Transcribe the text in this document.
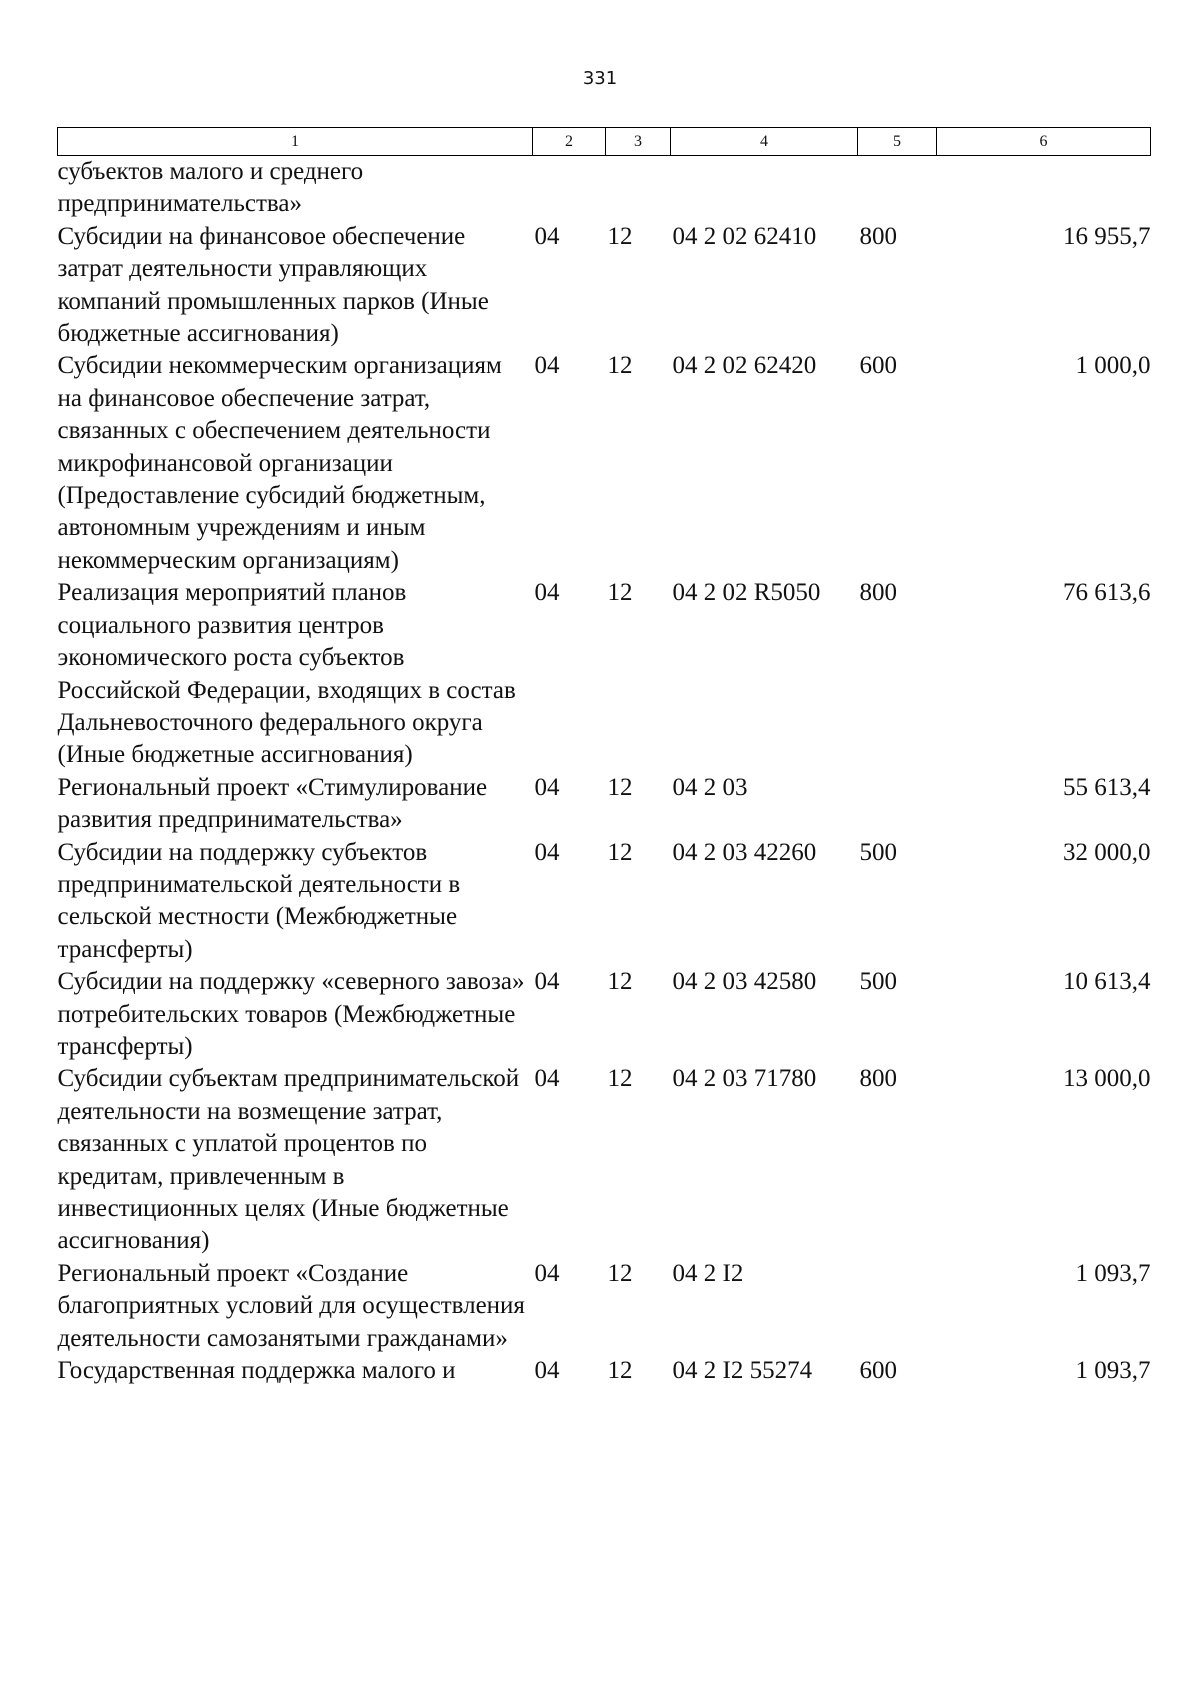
331
1	2	3	4	5	6
субъектов малого и среднего предпринимательства»					
Субсидии на финансовое обеспечение затрат деятельности управляющих компаний промышленных парков (Иные бюджетные ассигнования)	04	12	04 2 02 62410	800	16 955,7
Субсидии некоммерческим организациям на финансовое обеспечение затрат, связанных с обеспечением деятельности микрофинансовой организации (Предоставление субсидий бюджетным, автономным учреждениям и иным некоммерческим организациям)	04	12	04 2 02 62420	600	1 000,0
Реализация мероприятий планов социального развития центров экономического роста субъектов Российской Федерации, входящих в состав Дальневосточного федерального округа (Иные бюджетные ассигнования)	04	12	04 2 02 R5050	800	76 613,6
Региональный проект «Стимулирование развития предпринимательства»	04	12	04 2 03		55 613,4
Субсидии на поддержку субъектов предпринимательской деятельности в сельской местности (Межбюджетные трансферты)	04	12	04 2 03 42260	500	32 000,0
Субсидии на поддержку «северного завоза» потребительских товаров (Межбюджетные трансферты)	04	12	04 2 03 42580	500	10 613,4
Субсидии субъектам предпринимательской деятельности на возмещение затрат, связанных с уплатой процентов по кредитам, привлеченным в инвестиционных целях (Иные бюджетные ассигнования)	04	12	04 2 03 71780	800	13 000,0
Региональный проект «Создание благоприятных условий для осуществления деятельности самозанятыми гражданами»	04	12	04 2 I2		1 093,7
Государственная поддержка малого и	04	12	04 2 I2 55274	600	1 093,7
